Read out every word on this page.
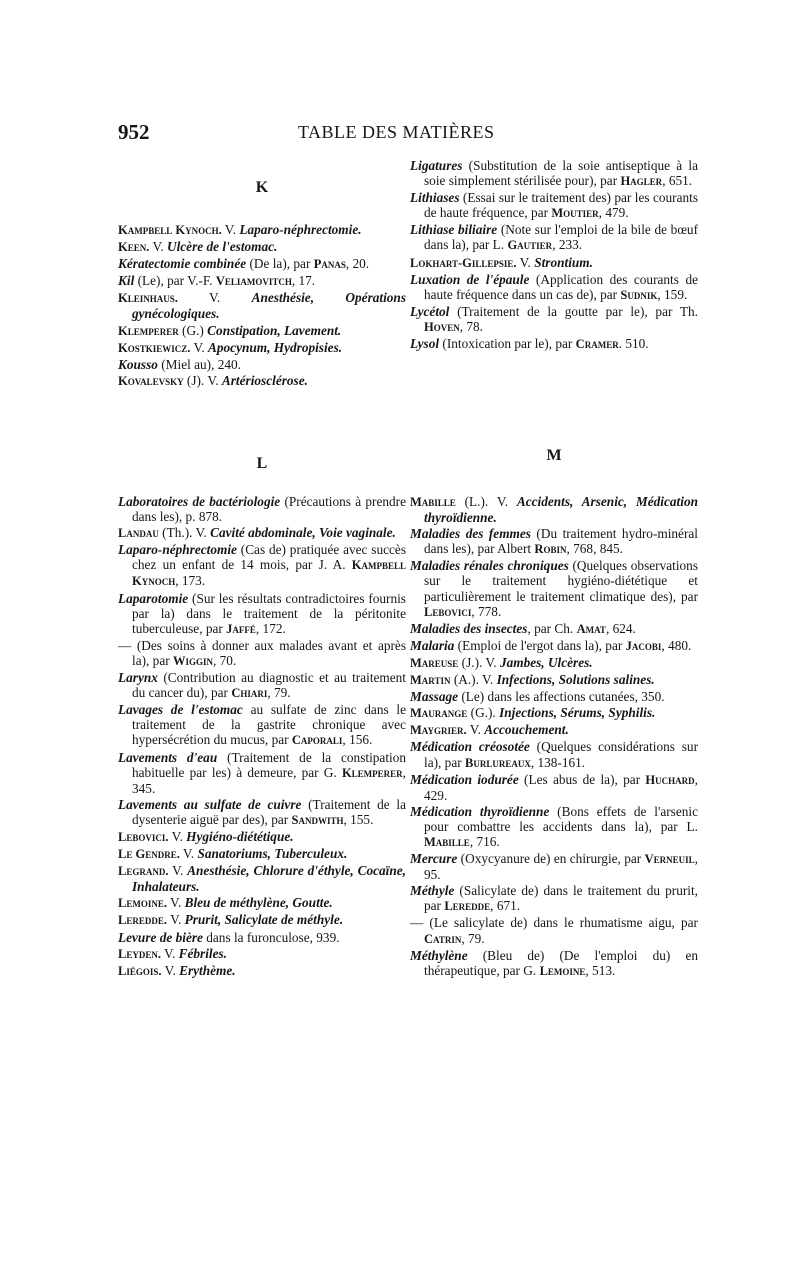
952	TABLE DES MATIÈRES
K

Kampbell Kynoch. V. Laparo-néphrectomie.

Keen. V. Ulcère de l'estomac.

Kératectomie combinée (De la), par Panas, 20.

Kil (Le), par V.-F. Veliamovitch, 17.

Kleinhaus. V. Anesthésie, Opérations gynécologiques.

Klemperer (G.) Constipation, Lavement.

Kostkiewicz. V. Apocynum, Hydropisies.

Kousso (Miel au), 240.

Kovalevsky (J). V. Artériosclérose.

Ligatures (Substitution de la soie antiseptique à la soie simplement stérilisée pour), par Hagler, 651.

Lithiases (Essai sur le traitement des) par les courants de haute fréquence, par Moutier, 479.

Lithiase biliaire (Note sur l'emploi de la bile de bœuf dans la), par L. Gautier, 233.

Lokhart-Gillepsie. V. Strontium.

Luxation de l'épaule (Application des courants de haute fréquence dans un cas de), par Sudnik, 159.

Lycétol (Traitement de la goutte par le), par Th. Hoven, 78.

Lysol (Intoxication par le), par Cramer. 510.

L

Laboratoires de bactériologie (Précautions à prendre dans les), p. 878.

Landau (Th.). V. Cavité abdominale, Voie vaginale.

Laparo-néphrectomie (Cas de) pratiquée avec succès chez un enfant de 14 mois, par J. A. Kampbell Kynoch, 173.

Laparotomie (Sur les résultats contradictoires fournis par la) dans le traitement de la péritonite tuberculeuse, par Jaffé, 172.

— (Des soins à donner aux malades avant et après la), par Wiggin, 70.

Larynx (Contribution au diagnostic et au traitement du cancer du), par Chiari, 79.

Lavages de l'estomac au sulfate de zinc dans le traitement de la gastrite chronique avec hypersécrétion du mucus, par Caporali, 156.

Lavements d'eau (Traitement de la constipation habituelle par les) à demeure, par G. Klemperer, 345.

Lavements au sulfate de cuivre (Traitement de la dysenterie aiguë par des), par Sandwith, 155.

Lebovici. V. Hygiéno-diététique.

Le Gendre. V. Sanatoriums, Tuberculeux.

Legrand. V. Anesthésie, Chlorure d'éthyle, Cocaïne, Inhalateurs.

Lemoine. V. Bleu de méthylène, Goutte.

Leredde. V. Prurit, Salicylate de méthyle.

Levure de bière dans la furonculose, 939.

Leyden. V. Fébriles.

Liégois. V. Erythème.

M

Mabille (L.). V. Accidents, Arsenic, Médication thyroïdienne.

Maladies des femmes (Du traitement hydro-minéral dans les), par Albert Robin, 768, 845.

Maladies rénales chroniques (Quelques observations sur le traitement hygiéno-diététique et particulièrement le traitement climatique des), par Lebovici, 778.

Maladies des insectes, par Ch. Amat, 624.

Malaria (Emploi de l'ergot dans la), par Jacobi, 480.

Mareuse (J.). V. Jambes, Ulcères.

Martin (A.). V. Infections, Solutions salines.

Massage (Le) dans les affections cutanées, 350.

Maurange (G.). Injections, Sérums, Syphilis.

Maygrier. V. Accouchement.

Médication créosotée (Quelques considérations sur la), par Burlureaux, 138-161.

Médication iodurée (Les abus de la), par Huchard, 429.

Médication thyroïdienne (Bons effets de l'arsenic pour combattre les accidents dans la), par L. Mabille, 716.

Mercure (Oxycyanure de) en chirurgie, par Verneuil, 95.

Méthyle (Salicylate de) dans le traitement du prurit, par Leredde, 671.

— (Le salicylate de) dans le rhumatisme aigu, par Catrin, 79.

Méthylène (Bleu de) (De l'emploi du) en thérapeutique, par G. Lemoine, 513.
